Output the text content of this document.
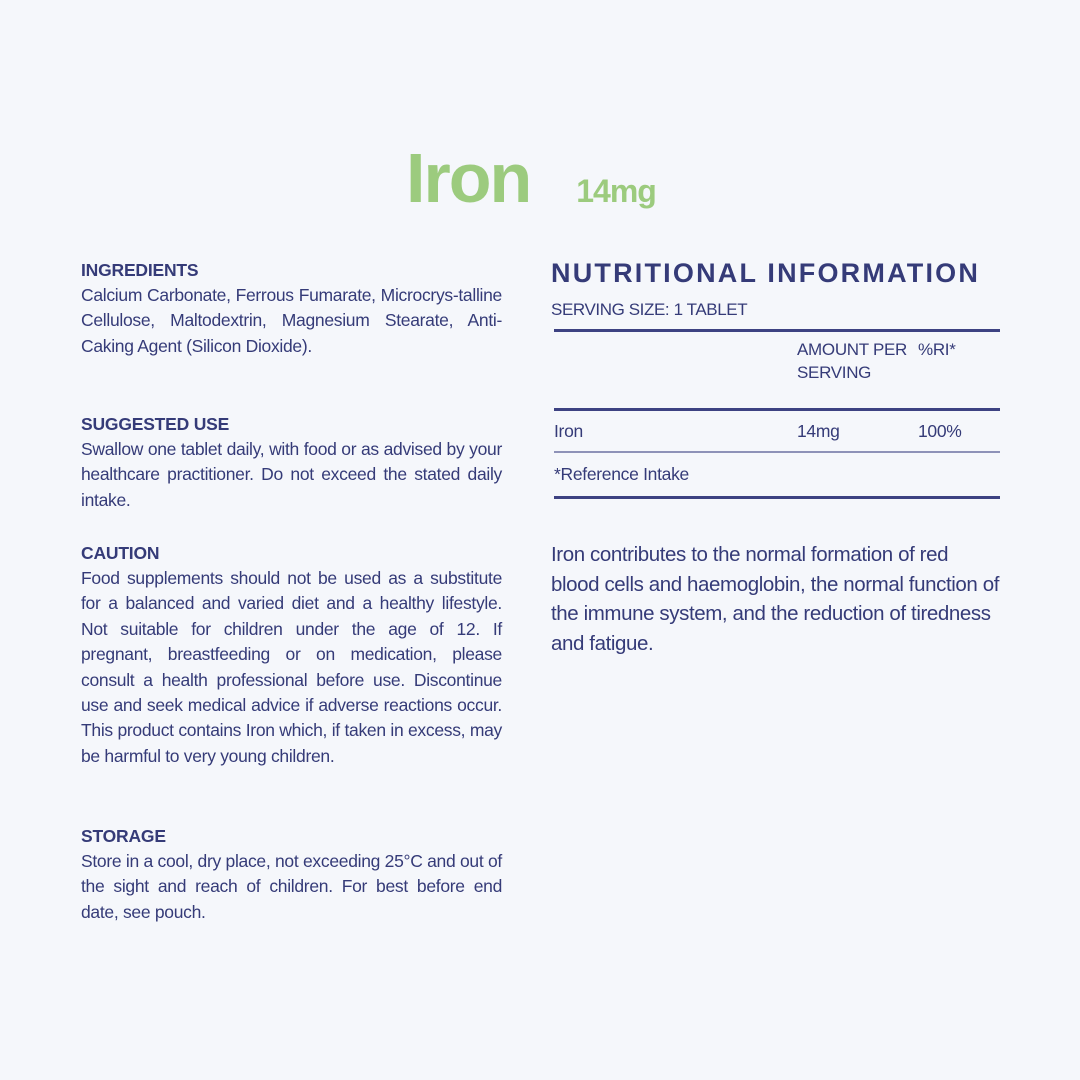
Iron 14mg
INGREDIENTS

Calcium Carbonate, Ferrous Fumarate, Microcrys-talline Cellulose, Maltodextrin, Magnesium Stearate, Anti-Caking Agent (Silicon Dioxide).

SUGGESTED USE

Swallow one tablet daily, with food or as advised by your healthcare practitioner. Do not exceed the stated daily intake.

CAUTION

Food supplements should not be used as a substitute for a balanced and varied diet and a healthy lifestyle. Not suitable for children under the age of 12. If pregnant, breastfeeding or on medication, please consult a health professional before use. Discontinue use and seek medical advice if adverse reactions occur. This product contains Iron which, if taken in excess, may be harmful to very young children.

STORAGE

Store in a cool, dry place, not exceeding 25°C and out of the sight and reach of children. For best before end date, see pouch.

NUTRITIONAL INFORMATION
SERVING SIZE: 1 TABLET
AMOUNT PER SERVING
%RI*
Iron	14mg	100%
*Reference Intake

Iron contributes to the normal formation of red blood cells and haemoglobin, the normal function of the immune system, and the reduction of tiredness and fatigue.
